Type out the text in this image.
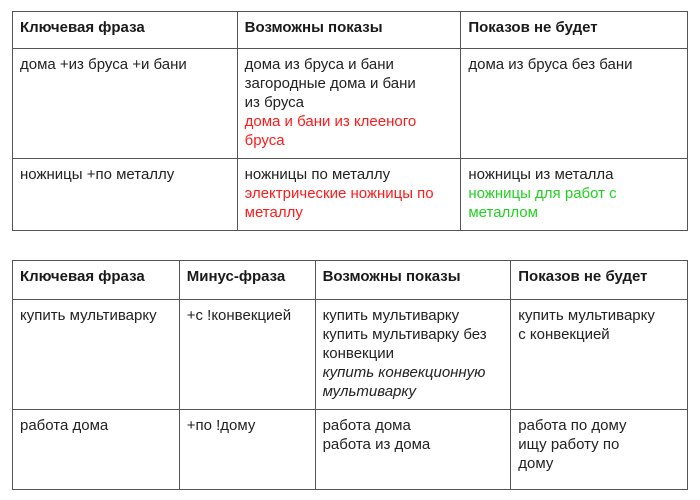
Ключевая фраза	Возможны показы	Показов не будет
дома +из бруса +и бани	дома из бруса и бани
загородные дома и бани
из бруса
дома и бани из клееного
бруса	дома из бруса без бани

ножницы +по металлу	ножницы по металлу
электрические ножницы по
металлу	ножницы из металла
ножницы для работ с
металлом
Ключевая фраза	Минус-фраза	Возможны показы	Показов не будет
купить мультиварку	+с !конвекцией	купить мультиварку
купить мультиварку без
конвекции
купить конвекционную
мультиварку	купить мультиварку
с конвекцией

работа дома	+по !дому	работа дома
работа из дома	работа по дому
ищу работу по
дому
